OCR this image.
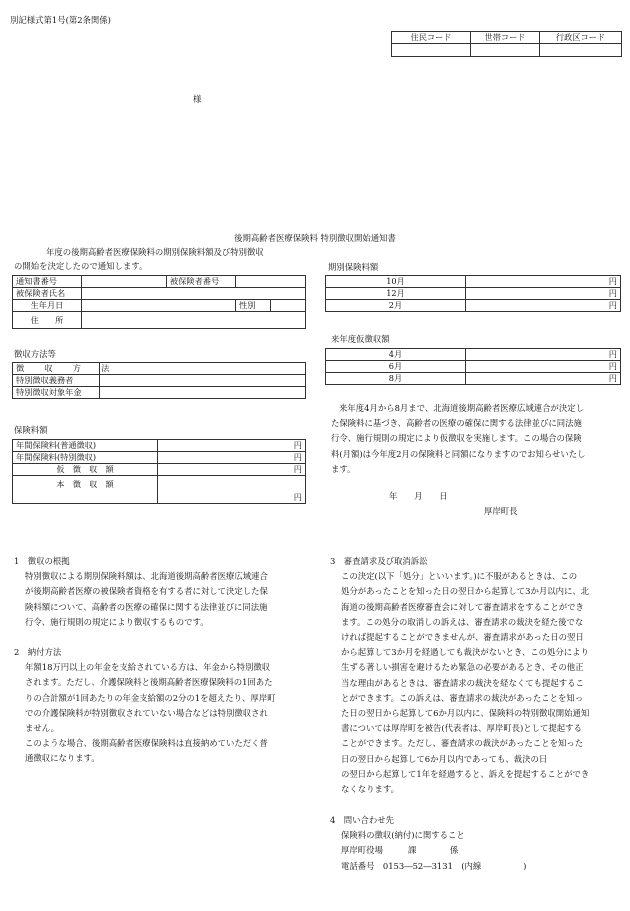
別記様式第1号(第2条関係)
住民コード	世帯コード	行政区コード

様
後期高齢者医療保険料 特別徴収開始通知書
年度の後期高齢者医療保険料の期別保険料額及び特別徴収
の開始を決定したので通知します。
通知書番号		被保険者番号		
被保険者氏名				
生年月日			性別	
住　　所				
徴収方法等
徴　収　方　法	
特別徴収義務者	
特別徴収対象年金	
保険料額
年間保険料(普通徴収)	円
年間保険料(特別徴収)	円
仮　徴　収　額	円
本　徴　収　額	円
期別保険料額
10月	円
12月	円
2月	円
来年度仮徴収額
4月	円
6月	円
8月	円
来年度4月から8月まで、北海道後期高齢者医療広域連合が決定し
た保険料に基づき、高齢者の医療の確保に関する法律並びに同法施
行令、施行規則の規定により仮徴収を実施します。この場合の保険
料(月額)は今年度2月の保険料と同額になりますのでお知らせいたし
ます。
年　　月　　日
厚岸町長
1　徴収の根拠
特別徴収による期別保険料額は、北海道後期高齢者医療広域連合
が後期高齢者医療の被保険者資格を有する者に対して決定した保
険料額について、高齢者の医療の確保に関する法律並びに同法施
行令、施行規則の規定により徴収するものです。
2　納付方法
年額18万円以上の年金を支給されている方は、年金から特別徴収
されます。ただし、介護保険料と後期高齢者医療保険料の1回あた
りの合計額が1回あたりの年金支給額の2分の1を超えたり、厚岸町
での介護保険料が特別徴収されていない場合などは特別徴収され
ません。
このような場合、後期高齢者医療保険料は直接納めていただく普
通徴収になります。
3　審査請求及び取消訴訟
この決定(以下「処分」といいます。)に不服があるときは、この
処分があったことを知った日の翌日から起算して3か月以内に、北
海道の後期高齢者医療審査会に対して審査請求をすることができ
ます。この処分の取消しの訴えは、審査請求の裁決を経た後でな
ければ提起することができませんが、審査請求があった日の翌日
から起算して3か月を経過しても裁決がないとき、この処分により
生ずる著しい損害を避けるため緊急の必要があるとき、その他正
当な理由があるときは、審査請求の裁決を経なくても提起するこ
とができます。この訴えは、審査請求の裁決があったことを知っ
た日の翌日から起算して6か月以内に、保険料の特別徴収開始通知
書については厚岸町を被告(代表者は、厚岸町長)として提起する
ことができます。ただし、審査請求の裁決があったことを知った
日の翌日から起算して6か月以内であっても、裁決の日
の翌日から起算して1年を経過すると、訴えを提起することができ
なくなります。
4　問い合わせ先
保険料の徴収(納付)に関すること
厚岸町役場　　　課　　　　係
電話番号　0153―52―3131　(内線　　　　　)
